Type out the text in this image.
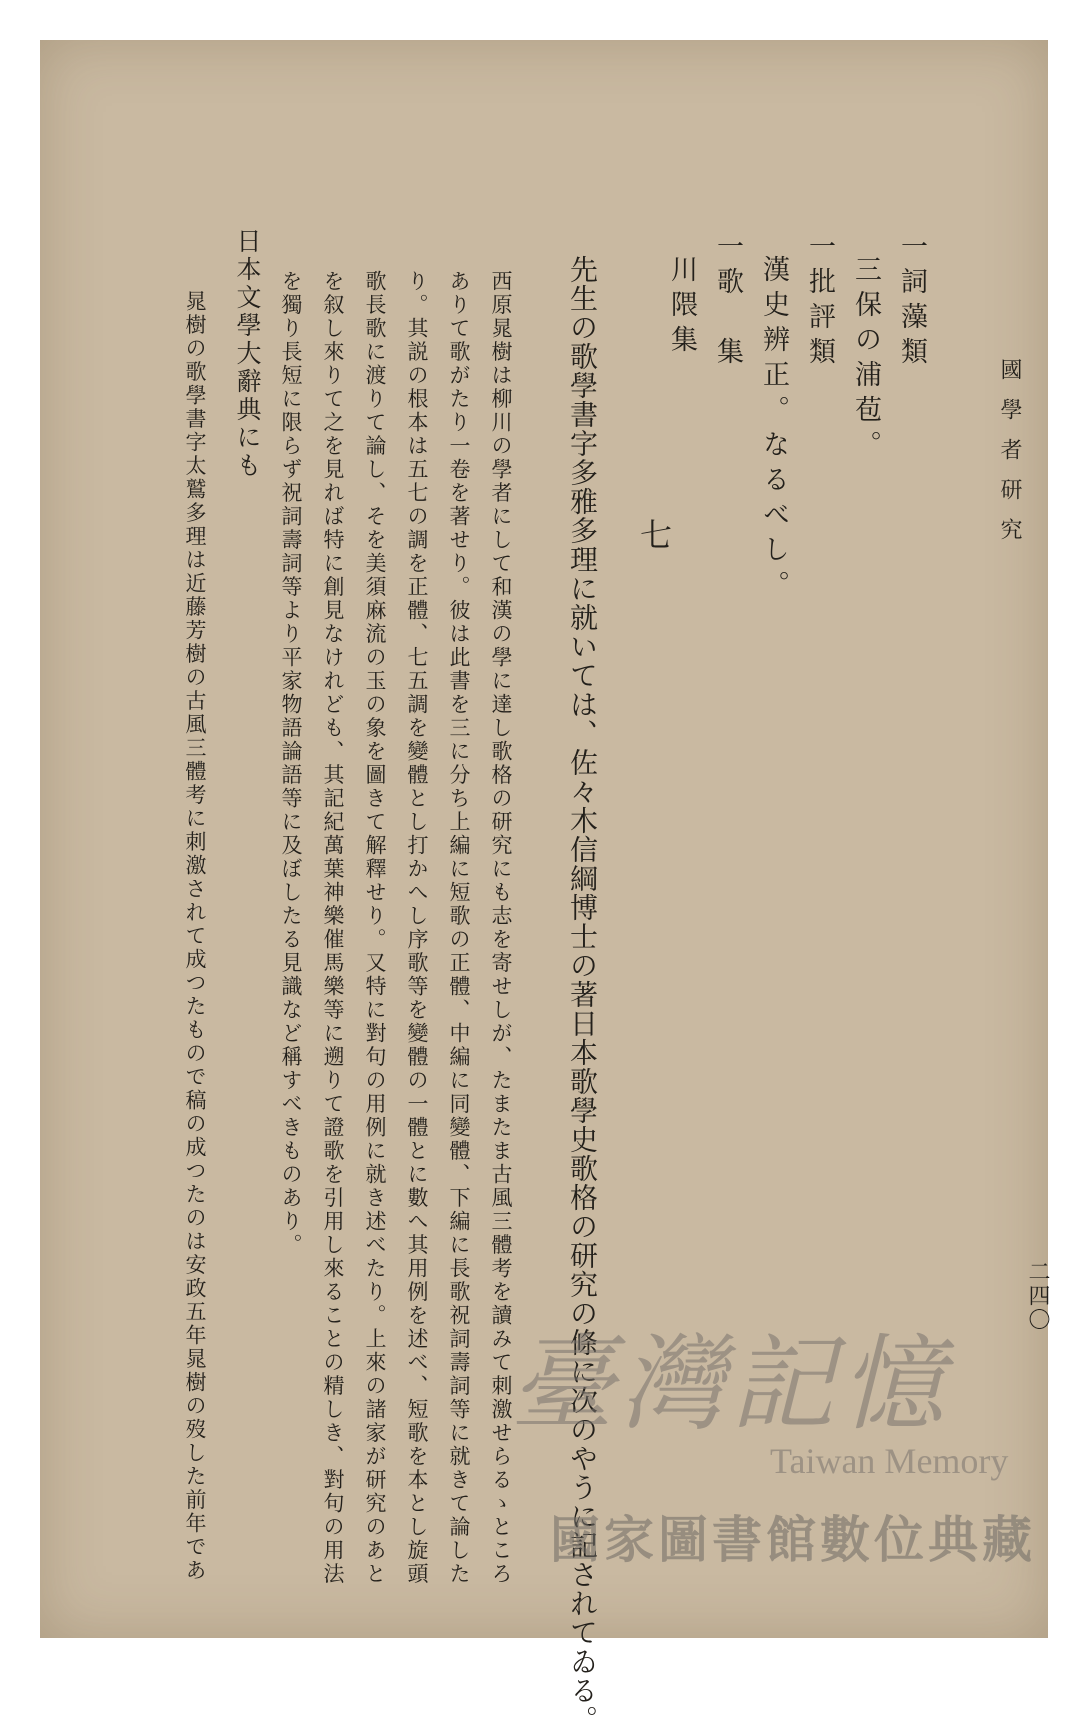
國學者研究
二四〇
一詞藻類
三保の浦苞。
一批評類
漢史辨正。なるべし。
一歌　集
川隈集
七
先生の歌學書字多雅多理に就いては、佐々木信綱博士の著日本歌學史歌格の研究の條に次のやうに記されてゐる。
西原晁樹は柳川の學者にして和漢の學に達し歌格の研究にも志を寄せしが、たまたま古風三體考を讀みて刺激せらるゝところ
ありて歌がたり一卷を著せり。彼は此書を三に分ち上編に短歌の正體、中編に同變體、下編に長歌祝詞壽詞等に就きて論した
り。其説の根本は五七の調を正體、七五調を變體とし打かへし序歌等を變體の一體とに數へ其用例を述べ、短歌を本とし旋頭
歌長歌に渡りて論し、そを美須麻流の玉の象を圖きて解釋せり。又特に對句の用例に就き述べたり。上來の諸家が研究のあと
を叙し來りて之を見れば特に創見なけれども、其記紀萬葉神樂催馬樂等に遡りて證歌を引用し來ることの精しき、對句の用法
を獨り長短に限らず祝詞壽詞等より平家物語論語等に及ぼしたる見識など稱すべきものあり。
日本文學大辭典にも
晁樹の歌學書字太鷲多理は近藤芳樹の古風三體考に刺激されて成つたもので稿の成つたのは安政五年晁樹の歿した前年であ	臺灣記憶
Taiwan Memory
國家圖書館數位典藏
